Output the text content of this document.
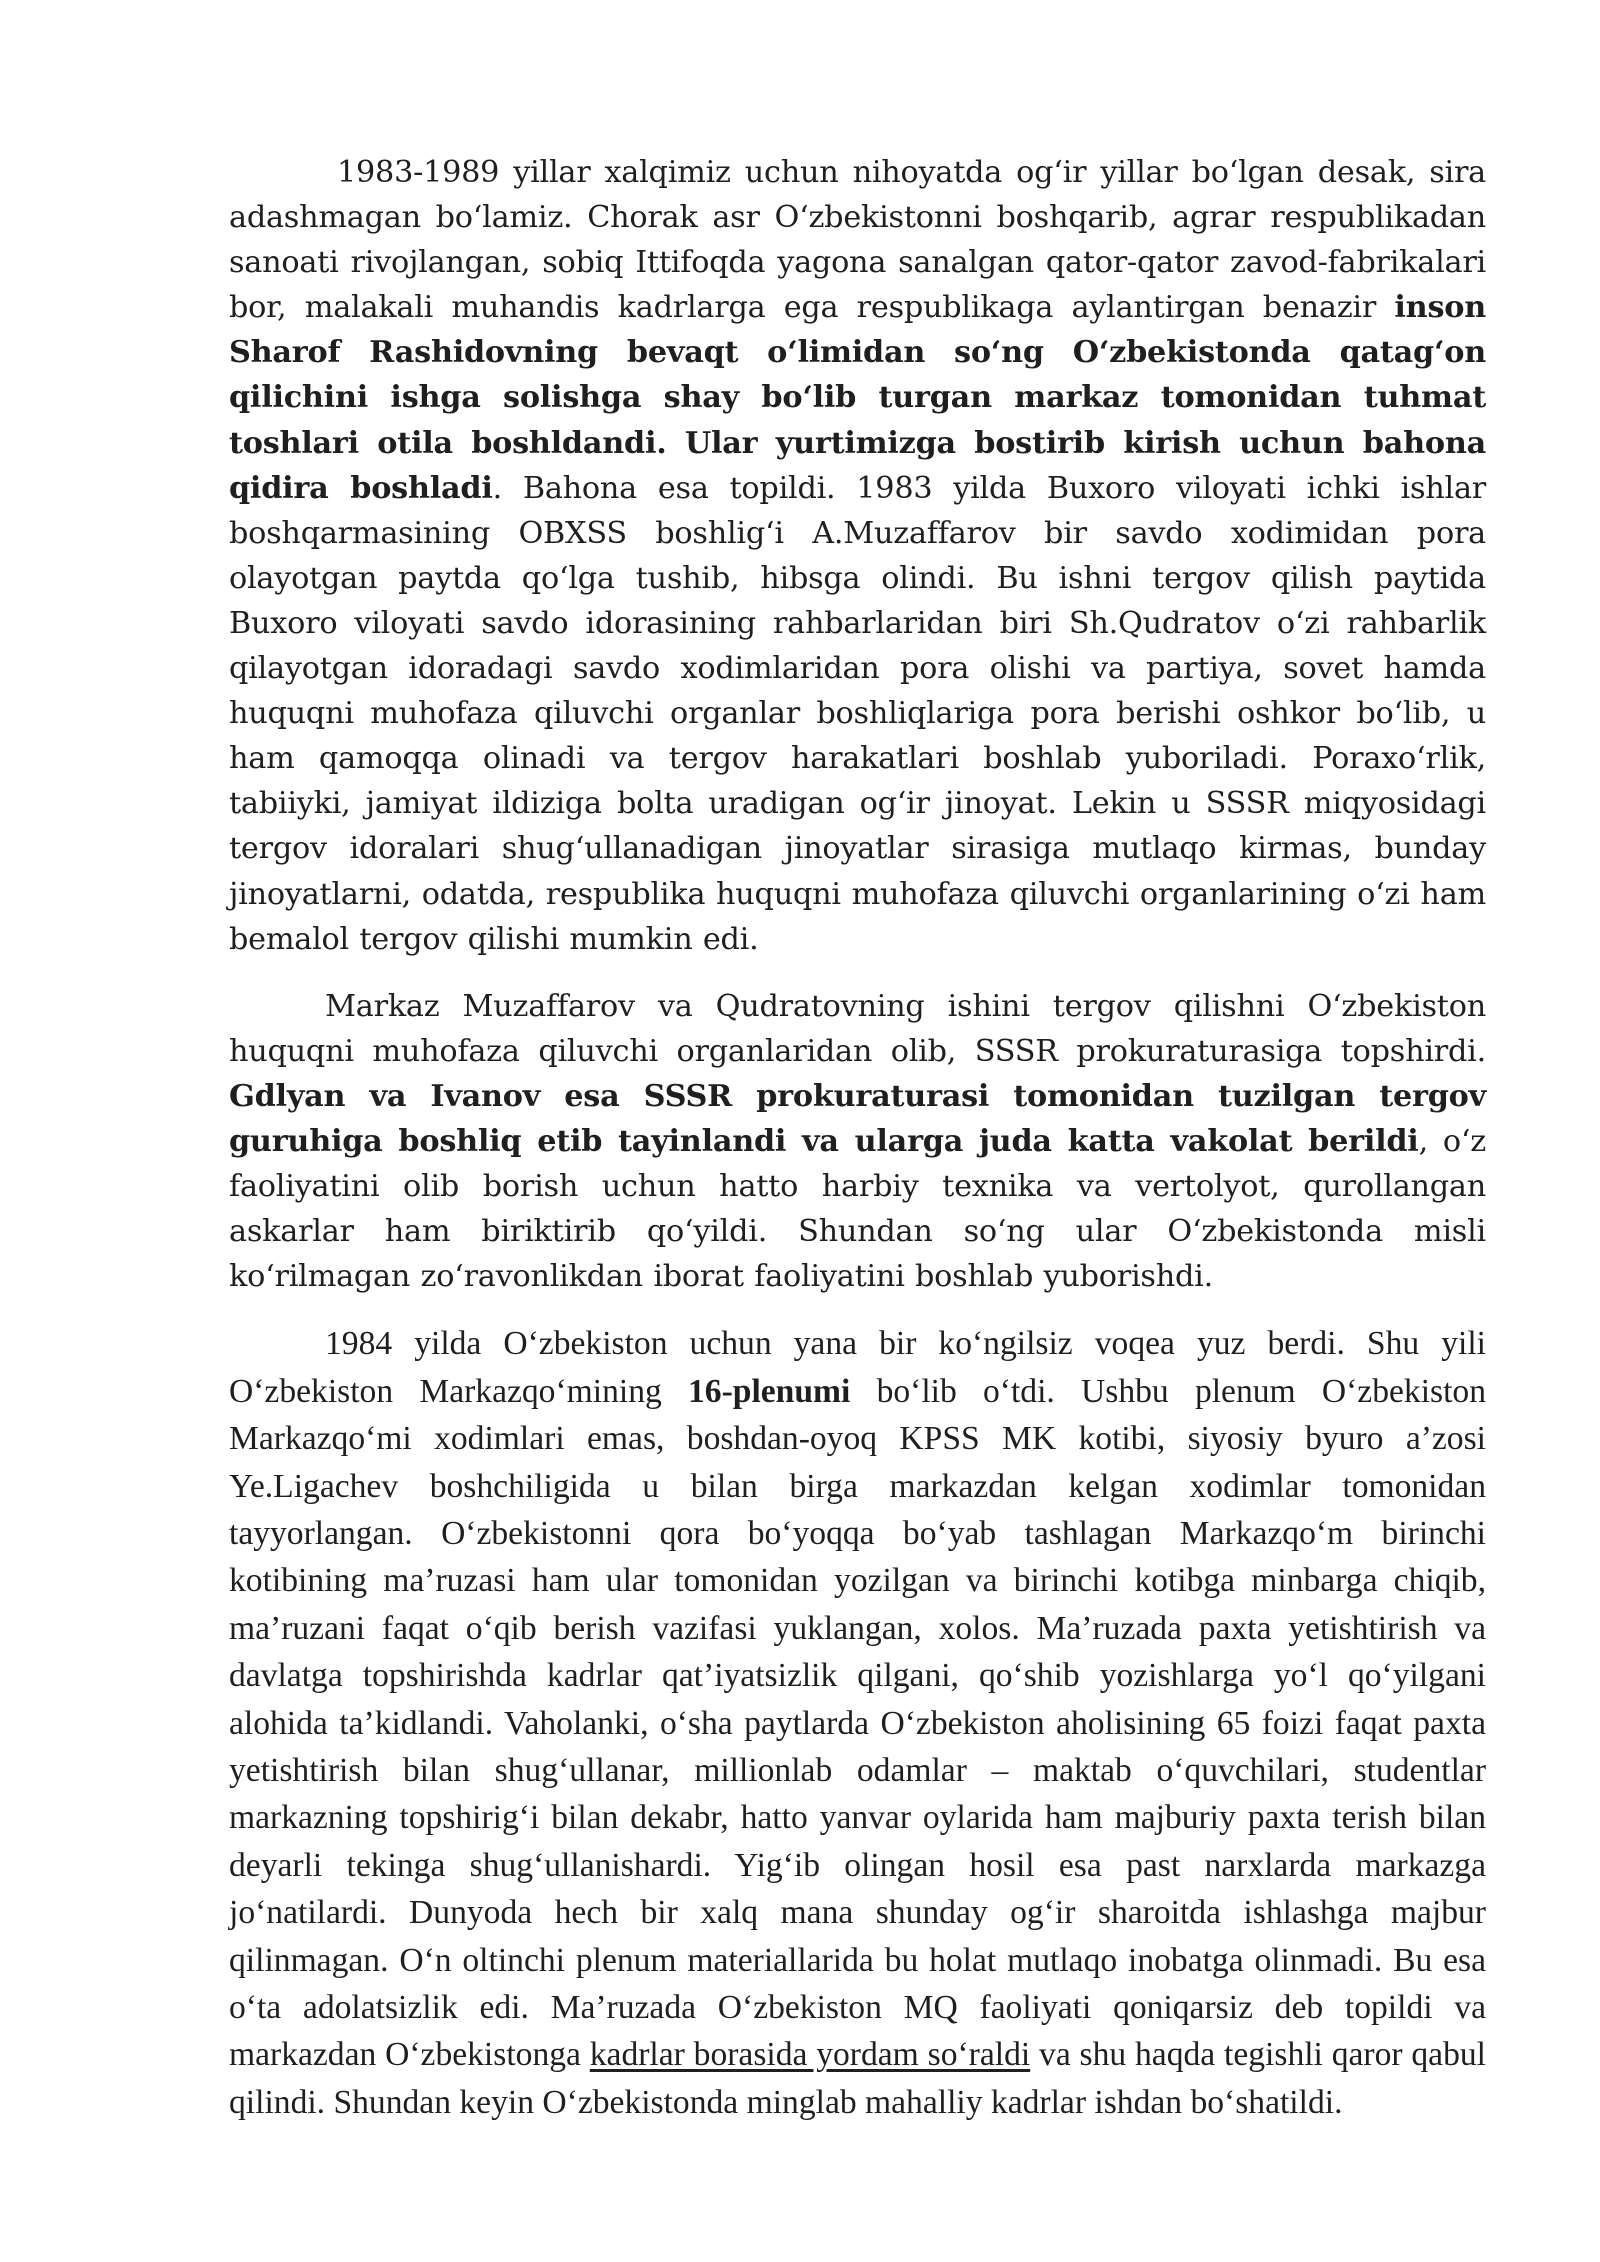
1983-1989 yillar xalqimiz uchun nihoyatda og‘ir yillar bo‘lgan desak, sira adashmagan bo‘lamiz. Chorak asr O‘zbekistonni boshqarib, agrar respublikadan sanoati rivojlangan, sobiq Ittifoqda yagona sanalgan qator-qator zavod-fabrikalari bor, malakali muhandis kadrlarga ega respublikaga aylantirgan benazir inson Sharof Rashidovning bevaqt o‘limidan so‘ng O‘zbekistonda qatag‘on qilichini ishga solishga shay bo‘lib turgan markaz tomonidan tuhmat toshlari otila boshldandi. Ular yurtimizga bostirib kirish uchun bahona qidira boshladi. Bahona esa topildi. 1983 yilda Buxoro viloyati ichki ishlar boshqarmasining OBXSS boshlig‘i A.Muzaffarov bir savdo xodimidan pora olayotgan paytda qo‘lga tushib, hibsga olindi. Bu ishni tergov qilish paytida Buxoro viloyati savdo idorasining rahbarlaridan biri Sh.Qudratov o‘zi rahbarlik qilayotgan idoradagi savdo xodimlaridan pora olishi va partiya, sovet hamda huquqni muhofaza qiluvchi organlar boshliqlariga pora berishi oshkor bo‘lib, u ham qamoqqa olinadi va tergov harakatlari boshlab yuboriladi. Poraxo‘rlik, tabiiyki, jamiyat ildiziga bolta uradigan og‘ir jinoyat. Lekin u SSSR miqyosidagi tergov idoralari shug‘ullanadigan jinoyatlar sirasiga mutlaqo kirmas, bunday jinoyatlarni, odatda, respublika huquqni muhofaza qiluvchi organlarining o‘zi ham bemalol tergov qilishi mumkin edi.

Markaz Muzaffarov va Qudratovning ishini tergov qilishni O‘zbekiston huquqni muhofaza qiluvchi organlaridan olib, SSSR prokuraturasiga topshirdi. Gdlyan va Ivanov esa SSSR prokuraturasi tomonidan tuzilgan tergov guruhiga boshliq etib tayinlandi va ularga juda katta vakolat berildi, o‘z faoliyatini olib borish uchun hatto harbiy texnika va vertolyot, qurollangan askarlar ham biriktirib qo‘yildi. Shundan so‘ng ular O‘zbekistonda misli ko‘rilmagan zo‘ravonlikdan iborat faoliyatini boshlab yuborishdi.

1984 yilda O‘zbekiston uchun yana bir ko‘ngilsiz voqea yuz berdi. Shu yili O‘zbekiston Markazqo‘mining 16-plenumi bo‘lib o‘tdi. Ushbu plenum O‘zbekiston Markazqo‘mi xodimlari emas, boshdan-oyoq KPSS MK kotibi, siyosiy byuro a’zosi Ye.Ligachev boshchiligida u bilan birga markazdan kelgan xodimlar tomonidan tayyorlangan. O‘zbekistonni qora bo‘yoqqa bo‘yab tashlagan Markazqo‘m birinchi kotibining ma’ruzasi ham ular tomonidan yozilgan va birinchi kotibga minbarga chiqib, ma’ruzani faqat o‘qib berish vazifasi yuklangan, xolos. Ma’ruzada paxta yetishtirish va davlatga topshirishda kadrlar qat’iyatsizlik qilgani, qo‘shib yozishlarga yo‘l qo‘yilgani alohida ta’kidlandi. Vaholanki, o‘sha paytlarda O‘zbekiston aholisining 65 foizi faqat paxta yetishtirish bilan shug‘ullanar, millionlab odamlar – maktab o‘quvchilari, studentlar markazning topshirig‘i bilan dekabr, hatto yanvar oylarida ham majburiy paxta terish bilan deyarli tekinga shug‘ullanishardi. Yig‘ib olingan hosil esa past narxlarda markazga jo‘natilardi. Dunyoda hech bir xalq mana shunday og‘ir sharoitda ishlashga majbur qilinmagan. O‘n oltinchi plenum materiallarida bu holat mutlaqo inobatga olinmadi. Bu esa o‘ta adolatsizlik edi. Ma’ruzada O‘zbekiston MQ faoliyati qoniqarsiz deb topildi va markazdan O‘zbekistonga kadrlar borasida yordam so‘raldi va shu haqda tegishli qaror qabul qilindi. Shundan keyin O‘zbekistonda minglab mahalliy kadrlar ishdan bo‘shatildi.
